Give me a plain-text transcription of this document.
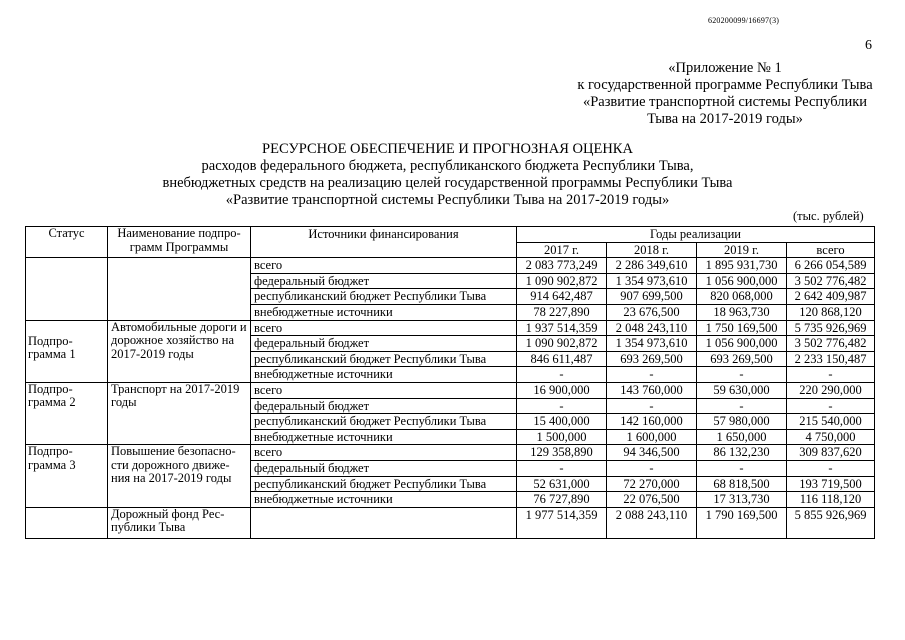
620200099/16697(3)
6
«Приложение № 1
к государственной программе Республики Тыва
«Развитие транспортной системы Республики
Тыва на 2017-2019 годы»
РЕСУРСНОЕ ОБЕСПЕЧЕНИЕ И ПРОГНОЗНАЯ ОЦЕНКА
расходов федерального бюджета, республиканского бюджета Республики Тыва,
внебюджетных средств на реализацию целей государственной программы Республики Тыва
«Развитие транспортной системы Республики Тыва на 2017-2019 годы»
(тыс. рублей)
Статус	Наименование подпро-грамм Программы	Источники финансирования	Годы реализации			
			2017 г.	2018 г.	2019 г.	всего
		всего	2 083 773,249	2 286 349,610	1 895 931,730	6 266 054,589
		федеральный бюджет	1 090 902,872	1 354 973,610	1 056 900,000	3 502 776,482
		республиканский бюджет Республики Тыва	914 642,487	907 699,500	820 068,000	2 642 409,987
		внебюджетные источники	78 227,890	23 676,500	18 963,730	120 868,120

Подпро-грамма 1	Автомобильные дороги и дорожное хозяйство на 2017-2019 годы	всего	1 937 514,359	2 048 243,110	1 750 169,500	5 735 926,969
		федеральный бюджет	1 090 902,872	1 354 973,610	1 056 900,000	3 502 776,482
		республиканский бюджет Республики Тыва	846 611,487	693 269,500	693 269,500	2 233 150,487
		внебюджетные источники	-	-	-	-
Подпро-грамма 2	Транспорт на 2017-2019 годы	всего	16 900,000	143 760,000	59 630,000	220 290,000
		федеральный бюджет	-	-	-	-
		республиканский бюджет Республики Тыва	15 400,000	142 160,000	57 980,000	215 540,000
		внебюджетные источники	1 500,000	1 600,000	1 650,000	4 750,000
Подпро-грамма 3	Повышение безопасно-сти дорожного движе-ния на 2017-2019 годы	всего	129 358,890	94 346,500	86 132,230	309 837,620
		федеральный бюджет	-	-	-	-
		республиканский бюджет Республики Тыва	52 631,000	72 270,000	68 818,500	193 719,500
		внебюджетные источники	76 727,890	22 076,500	17 313,730	116 118,120
	Дорожный фонд Рес-публики Тыва		1 977 514,359	2 088 243,110	1 790 169,500	5 855 926,969
